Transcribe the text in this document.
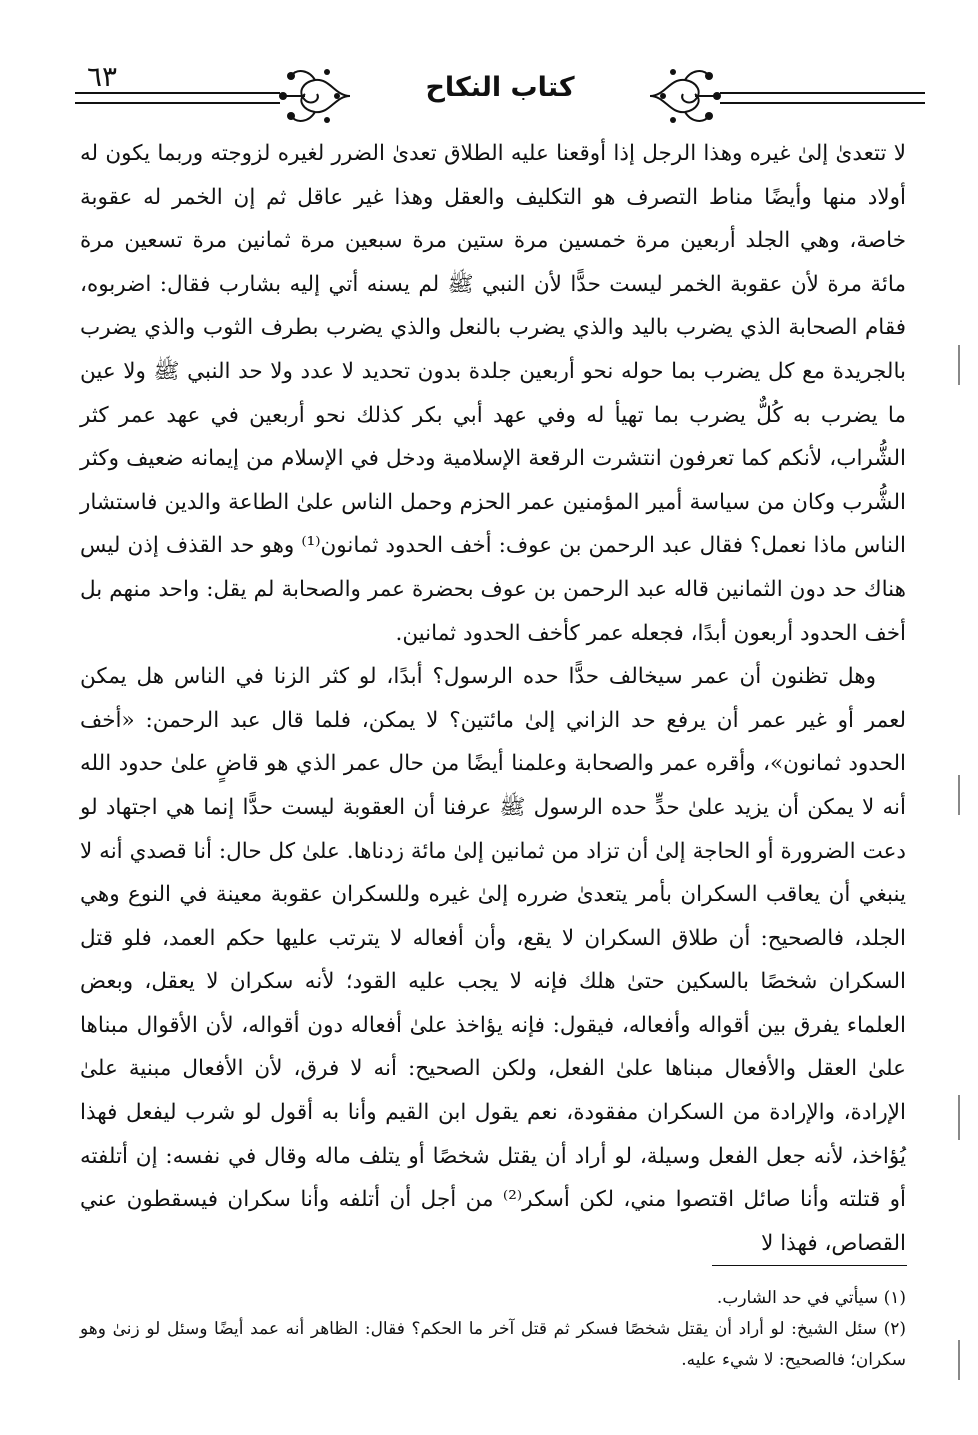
٦٣	كتاب النكاح

لا تتعدىٰ إلىٰ غيره وهذا الرجل إذا أوقعنا عليه الطلاق تعدىٰ الضرر لغيره لزوجته وربما يكون له أولاد منها وأيضًا مناط التصرف هو التكليف والعقل وهذا غير عاقل ثم إن الخمر له عقوبة خاصة، وهي الجلد أربعين مرة خمسين مرة ستين مرة سبعين مرة ثمانين مرة تسعين مرة مائة مرة لأن عقوبة الخمر ليست حدًّا لأن النبي ﷺ لم يسنه أتي إليه بشارب فقال: اضربوه، فقام الصحابة الذي يضرب باليد والذي يضرب بالنعل والذي يضرب بطرف الثوب والذي يضرب بالجريدة مع كل يضرب بما حوله نحو أربعين جلدة بدون تحديد لا عدد ولا حد النبي ﷺ ولا عين ما يضرب به كُلٌّ يضرب بما تهيأ له وفي عهد أبي بكر كذلك نحو أربعين في عهد عمر كثر الشُّراب، لأنكم كما تعرفون انتشرت الرقعة الإسلامية ودخل في الإسلام من إيمانه ضعيف وكثر الشُّرب وكان من سياسة أمير المؤمنين عمر الحزم وحمل الناس علىٰ الطاعة والدين فاستشار الناس ماذا نعمل؟ فقال عبد الرحمن بن عوف: أخف الحدود ثمانون⁽¹⁾ وهو حد القذف إذن ليس هناك حد دون الثمانين قاله عبد الرحمن بن عوف بحضرة عمر والصحابة لم يقل: واحد منهم بل أخف الحدود أربعون أبدًا، فجعله عمر كأخف الحدود ثمانين.

وهل تظنون أن عمر سيخالف حدًّا حده الرسول؟ أبدًا، لو كثر الزنا في الناس هل يمكن لعمر أو غير عمر أن يرفع حد الزاني إلىٰ مائتين؟ لا يمكن، فلما قال عبد الرحمن: «أخف الحدود ثمانون»، وأقره عمر والصحابة وعلمنا أيضًا من حال عمر الذي هو قاضٍ علىٰ حدود الله أنه لا يمكن أن يزيد علىٰ حدٍّ حده الرسول ﷺ عرفنا أن العقوبة ليست حدًّا إنما هي اجتهاد لو دعت الضرورة أو الحاجة إلىٰ أن تزاد من ثمانين إلىٰ مائة زدناها. علىٰ كل حال: أنا قصدي أنه لا ينبغي أن يعاقب السكران بأمر يتعدىٰ ضرره إلىٰ غيره وللسكران عقوبة معينة في النوع وهي الجلد، فالصحيح: أن طلاق السكران لا يقع، وأن أفعاله لا يترتب عليها حكم العمد، فلو قتل السكران شخصًا بالسكين حتىٰ هلك فإنه لا يجب عليه القود؛ لأنه سكران لا يعقل، وبعض العلماء يفرق بين أقواله وأفعاله، فيقول: فإنه يؤاخذ علىٰ أفعاله دون أقواله، لأن الأقوال مبناها علىٰ العقل والأفعال مبناها علىٰ الفعل، ولكن الصحيح: أنه لا فرق، لأن الأفعال مبنية علىٰ الإرادة، والإرادة من السكران مفقودة، نعم يقول ابن القيم وأنا به أقول لو شرب ليفعل فهذا يُؤاخذ، لأنه جعل الفعل وسيلة، لو أراد أن يقتل شخصًا أو يتلف ماله وقال في نفسه: إن أتلفته أو قتلته وأنا صائل اقتصوا مني، لكن أسكر⁽²⁾ من أجل أن أتلفه وأنا سكران فيسقطون عني القصاص، فهذا لا

(١) سيأتي في حد الشارب.

(٢) سئل الشيخ: لو أراد أن يقتل شخصًا فسكر ثم قتل آخر ما الحكم؟ فقال: الظاهر أنه عمد أيضًا وسئل لو زنىٰ وهو سكران؛ فالصحيح: لا شيء عليه.
